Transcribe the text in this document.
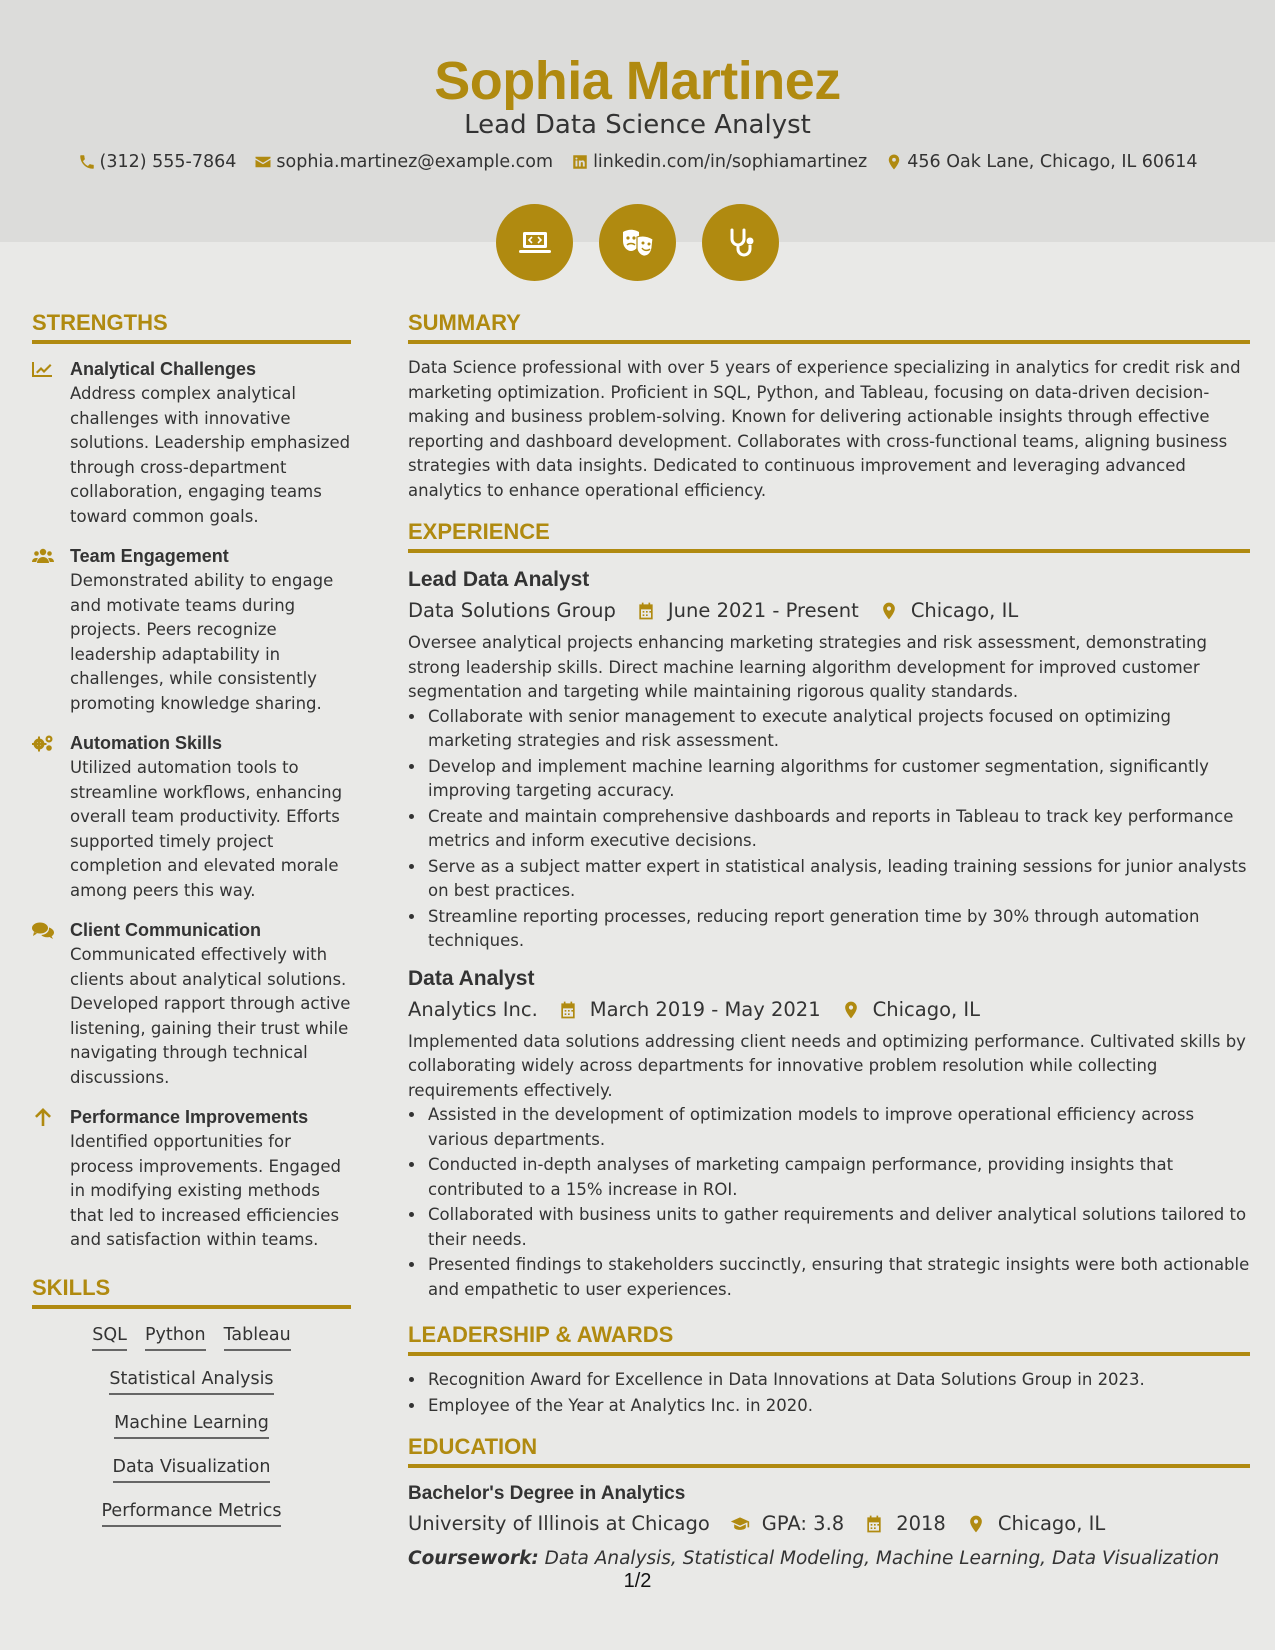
Sophia Martinez
Lead Data Science Analyst
(312) 555-7864 sophia.martinez@example.com linkedin.com/in/sophiamartinez 456 Oak Lane, Chicago, IL 60614
STRENGTHS
Analytical Challenges
Address complex analytical challenges with innovative solutions. Leadership emphasized through cross-department collaboration, engaging teams toward common goals.
Team Engagement
Demonstrated ability to engage and motivate teams during projects. Peers recognize leadership adaptability in challenges, while consistently promoting knowledge sharing.
Automation Skills
Utilized automation tools to streamline workflows, enhancing overall team productivity. Efforts supported timely project completion and elevated morale among peers this way.
Client Communication
Communicated effectively with clients about analytical solutions. Developed rapport through active listening, gaining their trust while navigating through technical discussions.
Performance Improvements
Identified opportunities for process improvements. Engaged in modifying existing methods that led to increased efficiencies and satisfaction within teams.
SKILLS
SQL Python Tableau
Statistical Analysis
Machine Learning
Data Visualization
Performance Metrics
SUMMARY
Data Science professional with over 5 years of experience specializing in analytics for credit risk and marketing optimization. Proficient in SQL, Python, and Tableau, focusing on data-driven decision-making and business problem-solving. Known for delivering actionable insights through effective reporting and dashboard development. Collaborates with cross-functional teams, aligning business strategies with data insights. Dedicated to continuous improvement and leveraging advanced analytics to enhance operational efficiency.
EXPERIENCE
Lead Data Analyst
Data Solutions Group	June 2021 - Present	Chicago, IL
Oversee analytical projects enhancing marketing strategies and risk assessment, demonstrating strong leadership skills. Direct machine learning algorithm development for improved customer segmentation and targeting while maintaining rigorous quality standards.
• Collaborate with senior management to execute analytical projects focused on optimizing marketing strategies and risk assessment.
• Develop and implement machine learning algorithms for customer segmentation, significantly improving targeting accuracy.
• Create and maintain comprehensive dashboards and reports in Tableau to track key performance metrics and inform executive decisions.
• Serve as a subject matter expert in statistical analysis, leading training sessions for junior analysts on best practices.
• Streamline reporting processes, reducing report generation time by 30% through automation techniques.
Data Analyst
Analytics Inc.	March 2019 - May 2021	Chicago, IL
Implemented data solutions addressing client needs and optimizing performance. Cultivated skills by collaborating widely across departments for innovative problem resolution while collecting requirements effectively.
• Assisted in the development of optimization models to improve operational efficiency across various departments.
• Conducted in-depth analyses of marketing campaign performance, providing insights that contributed to a 15% increase in ROI.
• Collaborated with business units to gather requirements and deliver analytical solutions tailored to their needs.
• Presented findings to stakeholders succinctly, ensuring that strategic insights were both actionable and empathetic to user experiences.
LEADERSHIP & AWARDS
• Recognition Award for Excellence in Data Innovations at Data Solutions Group in 2023.
• Employee of the Year at Analytics Inc. in 2020.
EDUCATION
Bachelor's Degree in Analytics
University of Illinois at Chicago	GPA: 3.8	2018	Chicago, IL
Coursework: Data Analysis, Statistical Modeling, Machine Learning, Data Visualization
1/2
